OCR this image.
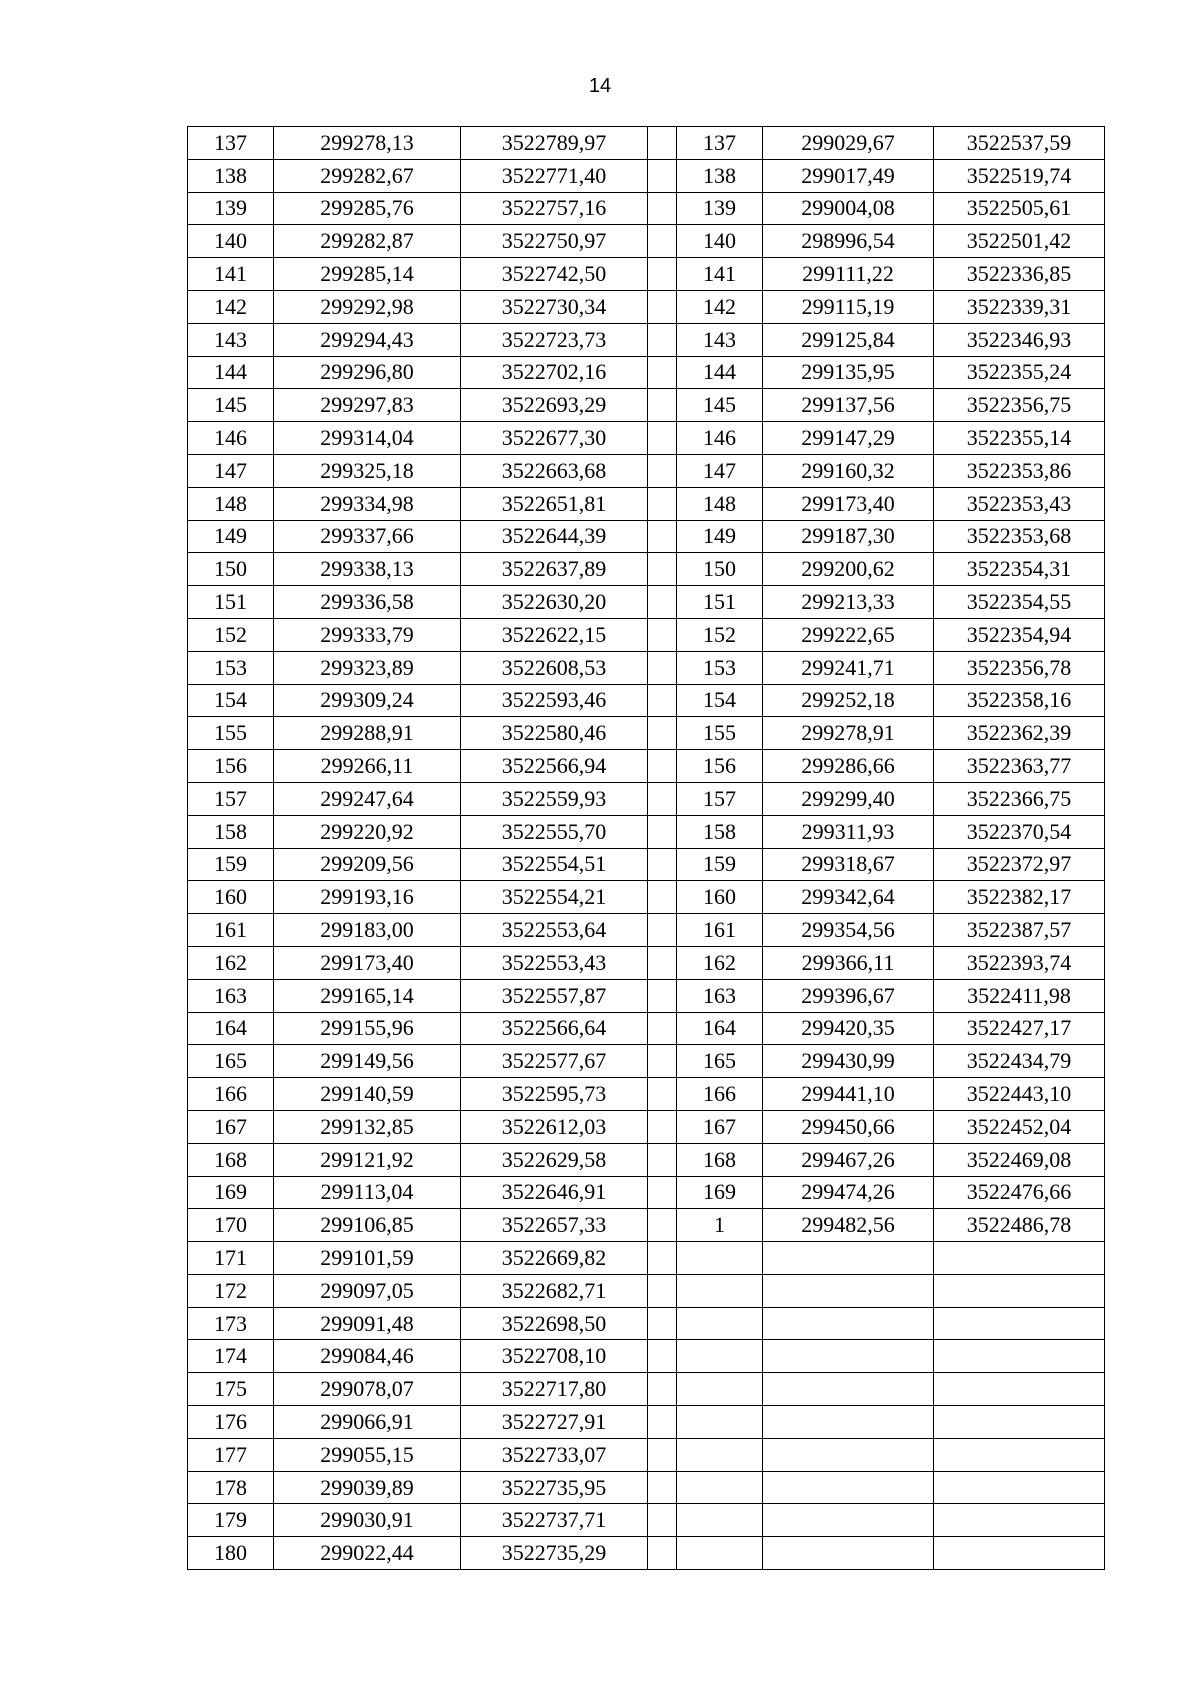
14
137	299278,13	3522789,97		137	299029,67	3522537,59
138	299282,67	3522771,40		138	299017,49	3522519,74
139	299285,76	3522757,16		139	299004,08	3522505,61
140	299282,87	3522750,97		140	298996,54	3522501,42
141	299285,14	3522742,50		141	299111,22	3522336,85
142	299292,98	3522730,34		142	299115,19	3522339,31
143	299294,43	3522723,73		143	299125,84	3522346,93
144	299296,80	3522702,16		144	299135,95	3522355,24
145	299297,83	3522693,29		145	299137,56	3522356,75
146	299314,04	3522677,30		146	299147,29	3522355,14
147	299325,18	3522663,68		147	299160,32	3522353,86
148	299334,98	3522651,81		148	299173,40	3522353,43
149	299337,66	3522644,39		149	299187,30	3522353,68
150	299338,13	3522637,89		150	299200,62	3522354,31
151	299336,58	3522630,20		151	299213,33	3522354,55
152	299333,79	3522622,15		152	299222,65	3522354,94
153	299323,89	3522608,53		153	299241,71	3522356,78
154	299309,24	3522593,46		154	299252,18	3522358,16
155	299288,91	3522580,46		155	299278,91	3522362,39
156	299266,11	3522566,94		156	299286,66	3522363,77
157	299247,64	3522559,93		157	299299,40	3522366,75
158	299220,92	3522555,70		158	299311,93	3522370,54
159	299209,56	3522554,51		159	299318,67	3522372,97
160	299193,16	3522554,21		160	299342,64	3522382,17
161	299183,00	3522553,64		161	299354,56	3522387,57
162	299173,40	3522553,43		162	299366,11	3522393,74
163	299165,14	3522557,87		163	299396,67	3522411,98
164	299155,96	3522566,64		164	299420,35	3522427,17
165	299149,56	3522577,67		165	299430,99	3522434,79
166	299140,59	3522595,73		166	299441,10	3522443,10
167	299132,85	3522612,03		167	299450,66	3522452,04
168	299121,92	3522629,58		168	299467,26	3522469,08
169	299113,04	3522646,91		169	299474,26	3522476,66
170	299106,85	3522657,33		1	299482,56	3522486,78
171	299101,59	3522669,82				
172	299097,05	3522682,71				
173	299091,48	3522698,50				
174	299084,46	3522708,10				
175	299078,07	3522717,80				
176	299066,91	3522727,91				
177	299055,15	3522733,07				
178	299039,89	3522735,95				
179	299030,91	3522737,71				
180	299022,44	3522735,29				
